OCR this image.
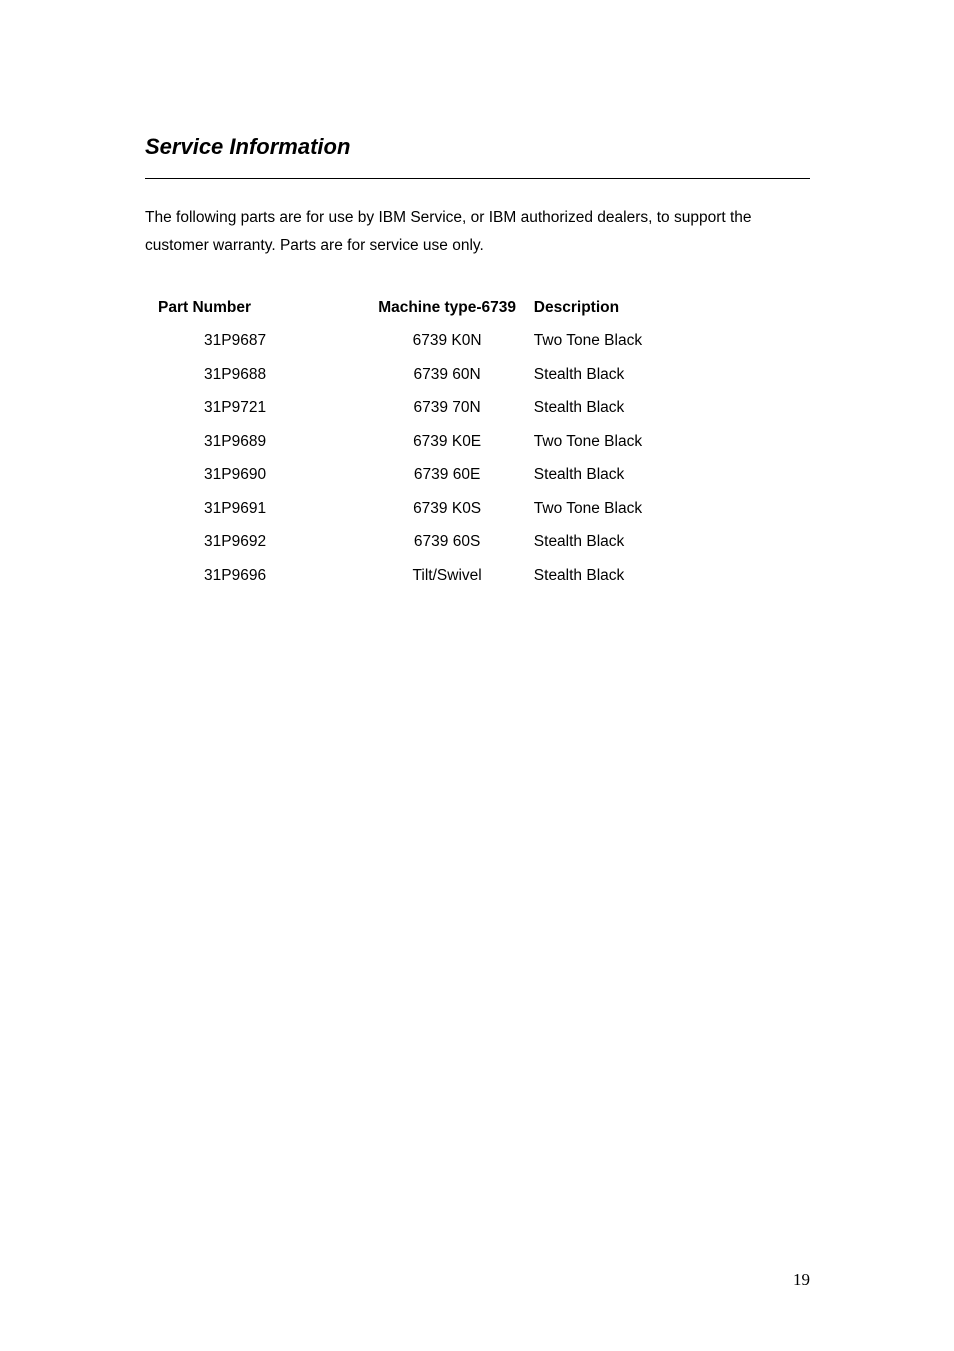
Service Information

The following parts are for use by IBM Service, or IBM authorized dealers, to support the customer warranty. Parts are for service use only.

Part Number	Machine type-6739	Description
31P9687	6739 K0N	Two Tone Black
31P9688	6739 60N	Stealth Black
31P9721	6739 70N	Stealth Black
31P9689	6739 K0E	Two Tone Black
31P9690	6739 60E	Stealth Black
31P9691	6739 K0S	Two Tone Black
31P9692	6739 60S	Stealth Black
31P9696	Tilt/Swivel	Stealth Black
19
